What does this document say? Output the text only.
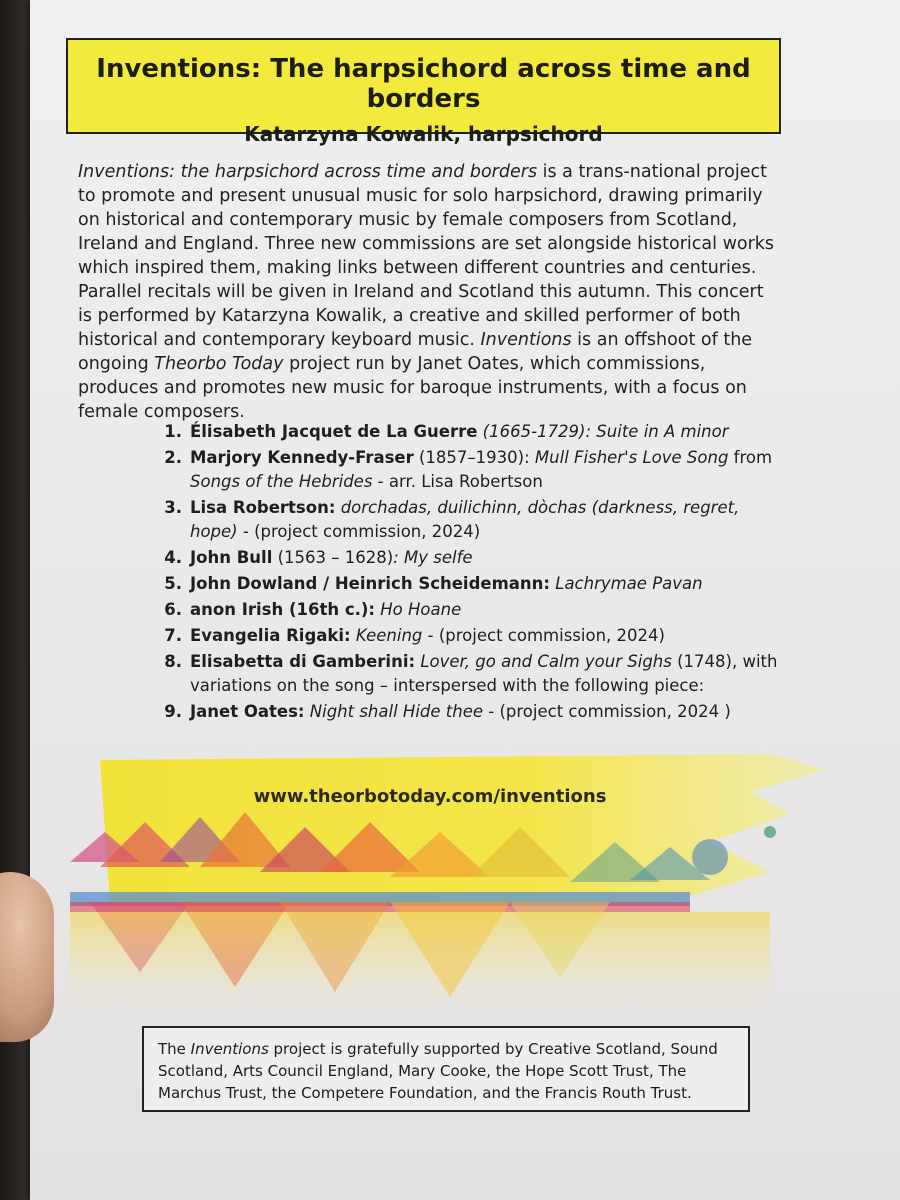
Inventions: The harpsichord across time and borders
Katarzyna Kowalik, harpsichord
Inventions: the harpsichord across time and borders is a trans-national project to promote and present unusual music for solo harpsichord, drawing primarily on historical and contemporary music by female composers from Scotland, Ireland and England. Three new commissions are set alongside historical works which inspired them, making links between different countries and centuries. Parallel recitals will be given in Ireland and Scotland this autumn. This concert is performed by Katarzyna Kowalik, a creative and skilled performer of both historical and contemporary keyboard music. Inventions is an offshoot of the ongoing Theorbo Today project run by Janet Oates, which commissions, produces and promotes new music for baroque instruments, with a focus on female composers.
1. Élisabeth Jacquet de La Guerre (1665-1729): Suite in A minor
2. Marjory Kennedy-Fraser (1857–1930): Mull Fisher's Love Song from Songs of the Hebrides - arr. Lisa Robertson
3. Lisa Robertson: dorchadas, duilichinn, dòchas (darkness, regret, hope) - (project commission, 2024)
4. John Bull (1563 – 1628): My selfe
5. John Dowland / Heinrich Scheidemann: Lachrymae Pavan
6. anon Irish (16th c.): Ho Hoane
7. Evangelia Rigaki: Keening - (project commission, 2024)
8. Elisabetta di Gamberini: Lover, go and Calm your Sighs (1748), with variations on the song – interspersed with the following piece:
9. Janet Oates: Night shall Hide thee - (project commission, 2024 )
www.theorbotoday.com/inventions
The Inventions project is gratefully supported by Creative Scotland, Sound Scotland, Arts Council England, Mary Cooke, the Hope Scott Trust, The Marchus Trust, the Competere Foundation, and the Francis Routh Trust.
